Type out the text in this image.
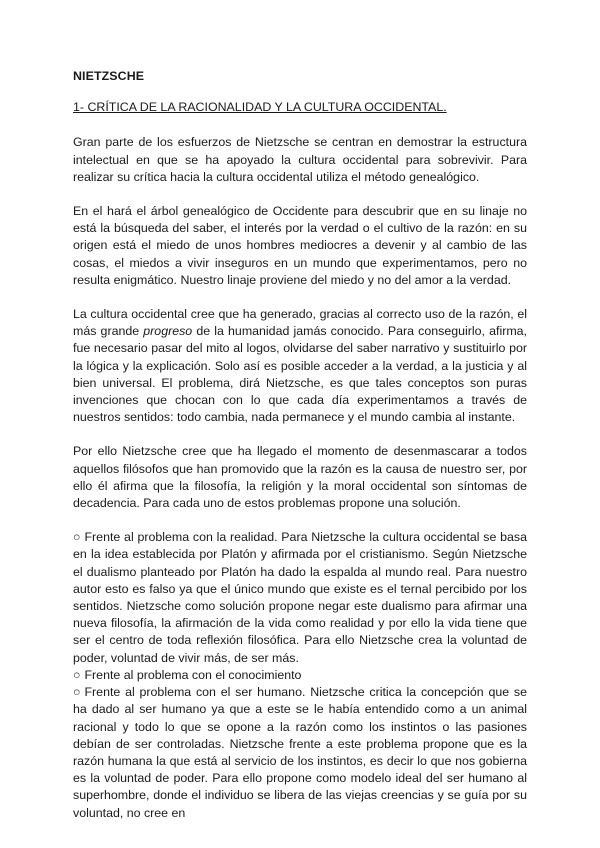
NIETZSCHE
1- CRÍTICA DE LA RACIONALIDAD Y LA CULTURA OCCIDENTAL.

Gran parte de los esfuerzos de Nietzsche se centran en demostrar la estructura intelectual en que se ha apoyado la cultura occidental para sobrevivir. Para realizar su crítica hacia la cultura occidental utiliza el método genealógico.

En el hará el árbol genealógico de Occidente para descubrir que en su linaje no está la búsqueda del saber, el interés por la verdad o el cultivo de la razón: en su origen está el miedo de unos hombres mediocres a devenir y al cambio de las cosas, el miedos a vivir inseguros en un mundo que experimentamos, pero no resulta enigmático. Nuestro linaje proviene del miedo y no del amor a la verdad.

La cultura occidental cree que ha generado, gracias al correcto uso de la razón, el más grande progreso de la humanidad jamás conocido. Para conseguirlo, afirma, fue necesario pasar del mito al logos, olvidarse del saber narrativo y sustituirlo por la lógica y la explicación. Solo así es posible acceder a la verdad, a la justicia y al bien universal. El problema, dirá Nietzsche, es que tales conceptos son puras invenciones que chocan con lo que cada día experimentamos a través de nuestros sentidos: todo cambia, nada permanece y el mundo cambia al instante.

Por ello Nietzsche cree que ha llegado el momento de desenmascarar a todos aquellos filósofos que han promovido que la razón es la causa de nuestro ser, por ello él afirma que la filosofía, la religión y la moral occidental son síntomas de decadencia. Para cada uno de estos problemas propone una solución.

○ Frente al problema con la realidad. Para Nietzsche la cultura occidental se basa en la idea establecida por Platón y afirmada por el cristianismo. Según Nietzsche el dualismo planteado por Platón ha dado la espalda al mundo real. Para nuestro autor esto es falso ya que el único mundo que existe es el ternal percibido por los sentidos. Nietzsche como solución propone negar este dualismo para afirmar una nueva filosofía, la afirmación de la vida como realidad y por ello la vida tiene que ser el centro de toda reflexión filosófica. Para ello Nietzsche crea la voluntad de poder, voluntad de vivir más, de ser más.

○ Frente al problema con el conocimiento

○ Frente al problema con el ser humano. Nietzsche critica la concepción que se ha dado al ser humano ya que a este se le había entendido como a un animal racional y todo lo que se opone a la razón como los instintos o las pasiones debían de ser controladas. Nietzsche frente a este problema propone que es la razón humana la que está al servicio de los instintos, es decir lo que nos gobierna es la voluntad de poder. Para ello propone como modelo ideal del ser humano al superhombre, donde el individuo se libera de las viejas creencias y se guía por su voluntad, no cree en
